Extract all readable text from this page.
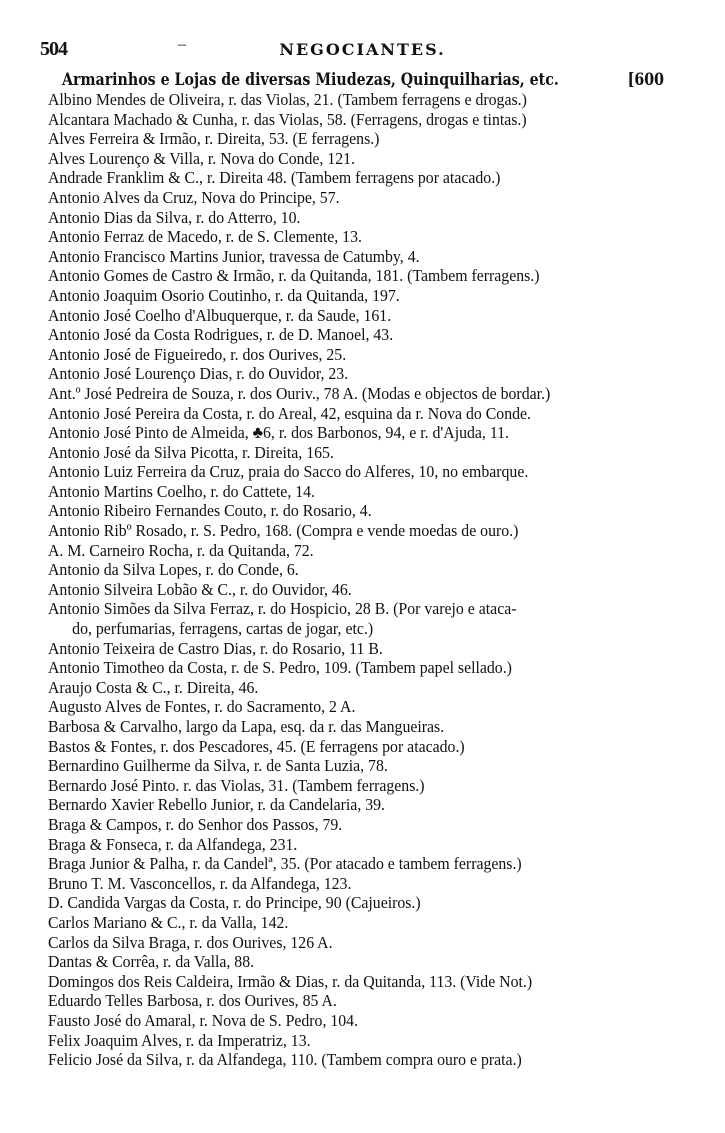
504	–	NEGOCIANTES.
Armarinhos e Lojas de diversas Miudezas, Quinquilharias, etc.	[600
Albino Mendes de Oliveira, r. das Violas, 21. (Tambem ferragens e drogas.)
Alcantara Machado & Cunha, r. das Violas, 58. (Ferragens, drogas e tintas.)
Alves Ferreira & Irmão, r. Direita, 53. (E ferragens.)
Alves Lourenço & Villa, r. Nova do Conde, 121.
Andrade Franklim & C., r. Direita 48. (Tambem ferragens por atacado.)
Antonio Alves da Cruz, Nova do Principe, 57.
Antonio Dias da Silva, r. do Atterro, 10.
Antonio Ferraz de Macedo, r. de S. Clemente, 13.
Antonio Francisco Martins Junior, travessa de Catumby, 4.
Antonio Gomes de Castro & Irmão, r. da Quitanda, 181. (Tambem ferragens.)
Antonio Joaquim Osorio Coutinho, r. da Quitanda, 197.
Antonio José Coelho d'Albuquerque, r. da Saude, 161.
Antonio José da Costa Rodrigues, r. de D. Manoel, 43.
Antonio José de Figueiredo, r. dos Ourives, 25.
Antonio José Lourenço Dias, r. do Ouvidor, 23.
Ant.º José Pedreira de Souza, r. dos Ouriv., 78 A. (Modas e objectos de bordar.)
Antonio José Pereira da Costa, r. do Areal, 42, esquina da r. Nova do Conde.
Antonio José Pinto de Almeida, ♣6, r. dos Barbonos, 94, e r. d'Ajuda, 11.
Antonio José da Silva Picotta, r. Direita, 165.
Antonio Luiz Ferreira da Cruz, praia do Sacco do Alferes, 10, no embarque.
Antonio Martins Coelho, r. do Cattete, 14.
Antonio Ribeiro Fernandes Couto, r. do Rosario, 4.
Antonio Ribº Rosado, r. S. Pedro, 168. (Compra e vende moedas de ouro.)
A. M. Carneiro Rocha, r. da Quitanda, 72.
Antonio da Silva Lopes, r. do Conde, 6.
Antonio Silveira Lobão & C., r. do Ouvidor, 46.
Antonio Simões da Silva Ferraz, r. do Hospicio, 28 B. (Por varejo e ataca-
do, perfumarias, ferragens, cartas de jogar, etc.)
Antonio Teixeira de Castro Dias, r. do Rosario, 11 B.
Antonio Timotheo da Costa, r. de S. Pedro, 109. (Tambem papel sellado.)
Araujo Costa & C., r. Direita, 46.
Augusto Alves de Fontes, r. do Sacramento, 2 A.
Barbosa & Carvalho, largo da Lapa, esq. da r. das Mangueiras.
Bastos & Fontes, r. dos Pescadores, 45. (E ferragens por atacado.)
Bernardino Guilherme da Silva, r. de Santa Luzia, 78.
Bernardo José Pinto. r. das Violas, 31. (Tambem ferragens.)
Bernardo Xavier Rebello Junior, r. da Candelaria, 39.
Braga & Campos, r. do Senhor dos Passos, 79.
Braga & Fonseca, r. da Alfandega, 231.
Braga Junior & Palha, r. da Candelª, 35. (Por atacado e tambem ferragens.)
Bruno T. M. Vasconcellos, r. da Alfandega, 123.
D. Candida Vargas da Costa, r. do Principe, 90 (Cajueiros.)
Carlos Mariano & C., r. da Valla, 142.
Carlos da Silva Braga, r. dos Ourives, 126 A.
Dantas & Corrêa, r. da Valla, 88.
Domingos dos Reis Caldeira, Irmão & Dias, r. da Quitanda, 113. (Vide Not.)
Eduardo Telles Barbosa, r. dos Ourives, 85 A.
Fausto José do Amaral, r. Nova de S. Pedro, 104.
Felix Joaquim Alves, r. da Imperatriz, 13.
Felicio José da Silva, r. da Alfandega, 110. (Tambem compra ouro e prata.)
